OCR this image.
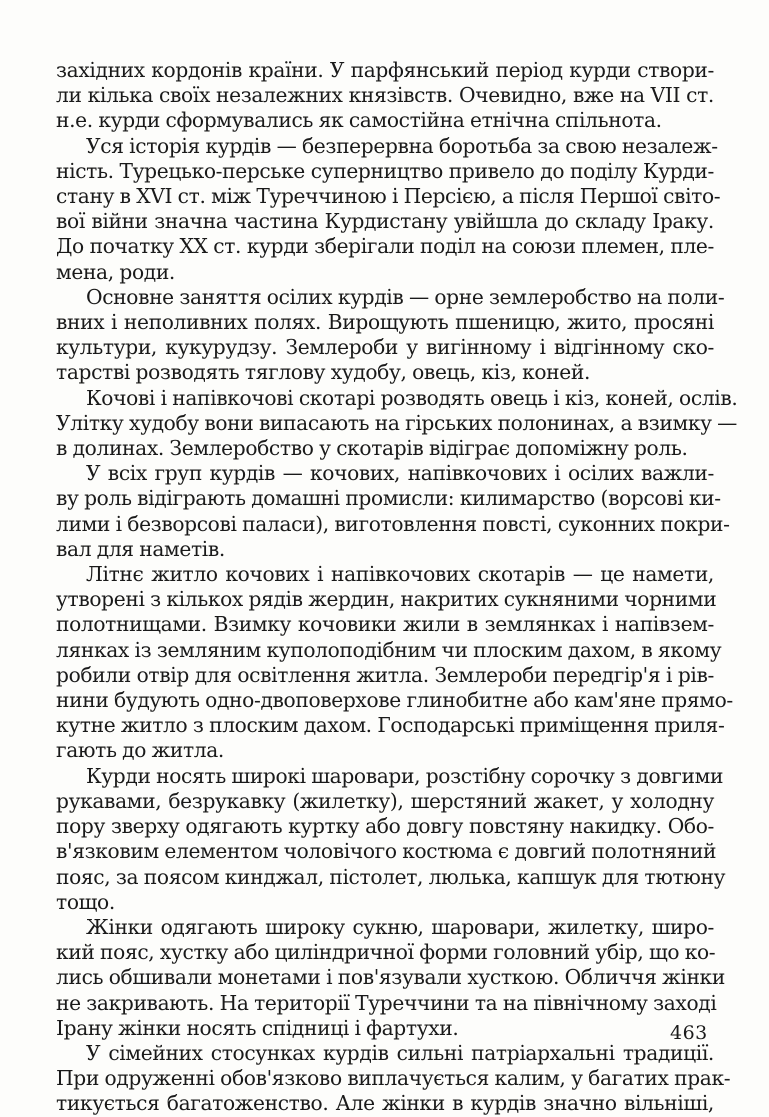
західних кордонів країни. У парфянський період курди створи-
ли кілька своїх незалежних князівств. Очевидно, вже на VII ст.
н.е. курди сформувались як самостійна етнічна спільнота.

Уся історія курдів — безперервна боротьба за свою незалеж-
ність. Турецько-перське суперництво привело до поділу Курди-
стану в XVI ст. між Туреччиною і Персією, а після Першої світо-
вої війни значна частина Курдистану увійшла до складу Іраку.
До початку XX ст. курди зберігали поділ на союзи племен, пле-
мена, роди.

Основне заняття осілих курдів — орне землеробство на поли-
вних і неполивних полях. Вирощують пшеницю, жито, просяні
культури, кукурудзу. Землероби у вигінному і відгінному ско-
тарстві розводять тяглову худобу, овець, кіз, коней.

Кочові і напівкочові скотарі розводять овець і кіз, коней, ослів.
Улітку худобу вони випасають на гірських полонинах, а взимку —
в долинах. Землеробство у скотарів відіграє допоміжну роль.

У всіх груп курдів — кочових, напівкочових і осілих важли-
ву роль відіграють домашні промисли: килимарство (ворсові ки-
лими і безворсові паласи), виготовлення повсті, суконних покри-
вал для наметів.

Літнє житло кочових і напівкочових скотарів — це намети,
утворені з кількох рядів жердин, накритих сукняними чорними
полотнищами. Взимку кочовики жили в землянках і напівзем-
лянках із земляним куполоподібним чи плоским дахом, в якому
робили отвір для освітлення житла. Землероби передгір'я і рів-
нини будують одно-двоповерхове глинобитне або кам'яне прямо-
кутне житло з плоским дахом. Господарські приміщення приля-
гають до житла.

Курди носять широкі шаровари, розстібну сорочку з довгими
рукавами, безрукавку (жилетку), шерстяний жакет, у холодну
пору зверху одягають куртку або довгу повстяну накидку. Обо-
в'язковим елементом чоловічого костюма є довгий полотняний
пояс, за поясом кинджал, пістолет, люлька, капшук для тютюну
тощо.

Жінки одягають широку сукню, шаровари, жилетку, широ-
кий пояс, хустку або циліндричної форми головний убір, що ко-
лись обшивали монетами і пов'язували хусткою. Обличчя жінки
не закривають. На території Туреччини та на північному заході
Ірану жінки носять спідниці і фартухи.

У сімейних стосунках курдів сильні патріархальні традиції.
При одруженні обов'язково виплачується калим, у багатих прак-
тикується багатоженство. Але жінки в курдів значно вільніші,

463
